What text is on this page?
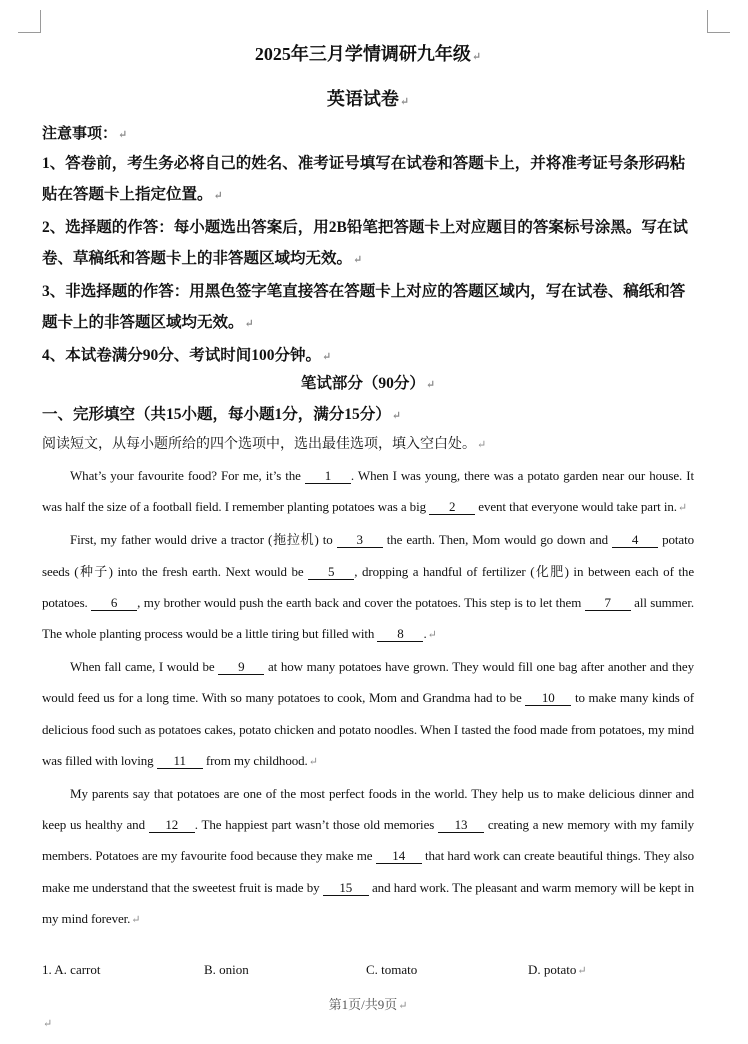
2025年三月学情调研九年级↵
英语试卷↵
注意事项：↵
1、答卷前，考生务必将自己的姓名、准考证号填写在试卷和答题卡上，并将准考证号条形码粘贴在答题卡上指定位置。↵
2、选择题的作答：每小题选出答案后，用2B铅笔把答题卡上对应题目的答案标号涂黑。写在试卷、草稿纸和答题卡上的非答题区域均无效。↵
3、非选择题的作答：用黑色签字笔直接答在答题卡上对应的答题区域内，写在试卷、稿纸和答题卡上的非答题区域均无效。↵
4、本试卷满分90分、考试时间100分钟。↵
笔试部分（90分）↵
一、完形填空（共15小题，每小题1分，满分15分）↵
阅读短文，从每小题所给的四个选项中，选出最佳选项，填入空白处。↵

What’s your favourite food? For me, it’s the 1 . When I was young, there was a potato garden near our house. It was half the size of a football field. I remember planting potatoes was a big 2 event that everyone would take part in.↵

First, my father would drive a tractor (拖拉机) to 3 the earth. Then, Mom would go down and 4 potato seeds (种子) into the fresh earth. Next would be 5 , dropping a handful of fertilizer (化肥) in between each of the potatoes. 6 , my brother would push the earth back and cover the potatoes. This step is to let them 7 all summer. The whole planting process would be a little tiring but filled with 8 .↵

When fall came, I would be 9 at how many potatoes have grown. They would fill one bag after another and they would feed us for a long time. With so many potatoes to cook, Mom and Grandma had to be 10 to make many kinds of delicious food such as potatoes cakes, potato chicken and potato noodles. When I tasted the food made from potatoes, my mind was filled with loving 11 from my childhood.↵

My parents say that potatoes are one of the most perfect foods in the world. They help us to make delicious dinner and keep us healthy and 12 . The happiest part wasn’t those old memories 13 creating a new memory with my family members. Potatoes are my favourite food because they make me 14 that hard work can create beautiful things. They also make me understand that the sweetest fruit is made by 15 and hard work. The pleasant and warm memory will be kept in my mind forever.↵

1. A. carrot	B. onion	C. tomato	D. potato↵
第1页/共9页↵
↵
